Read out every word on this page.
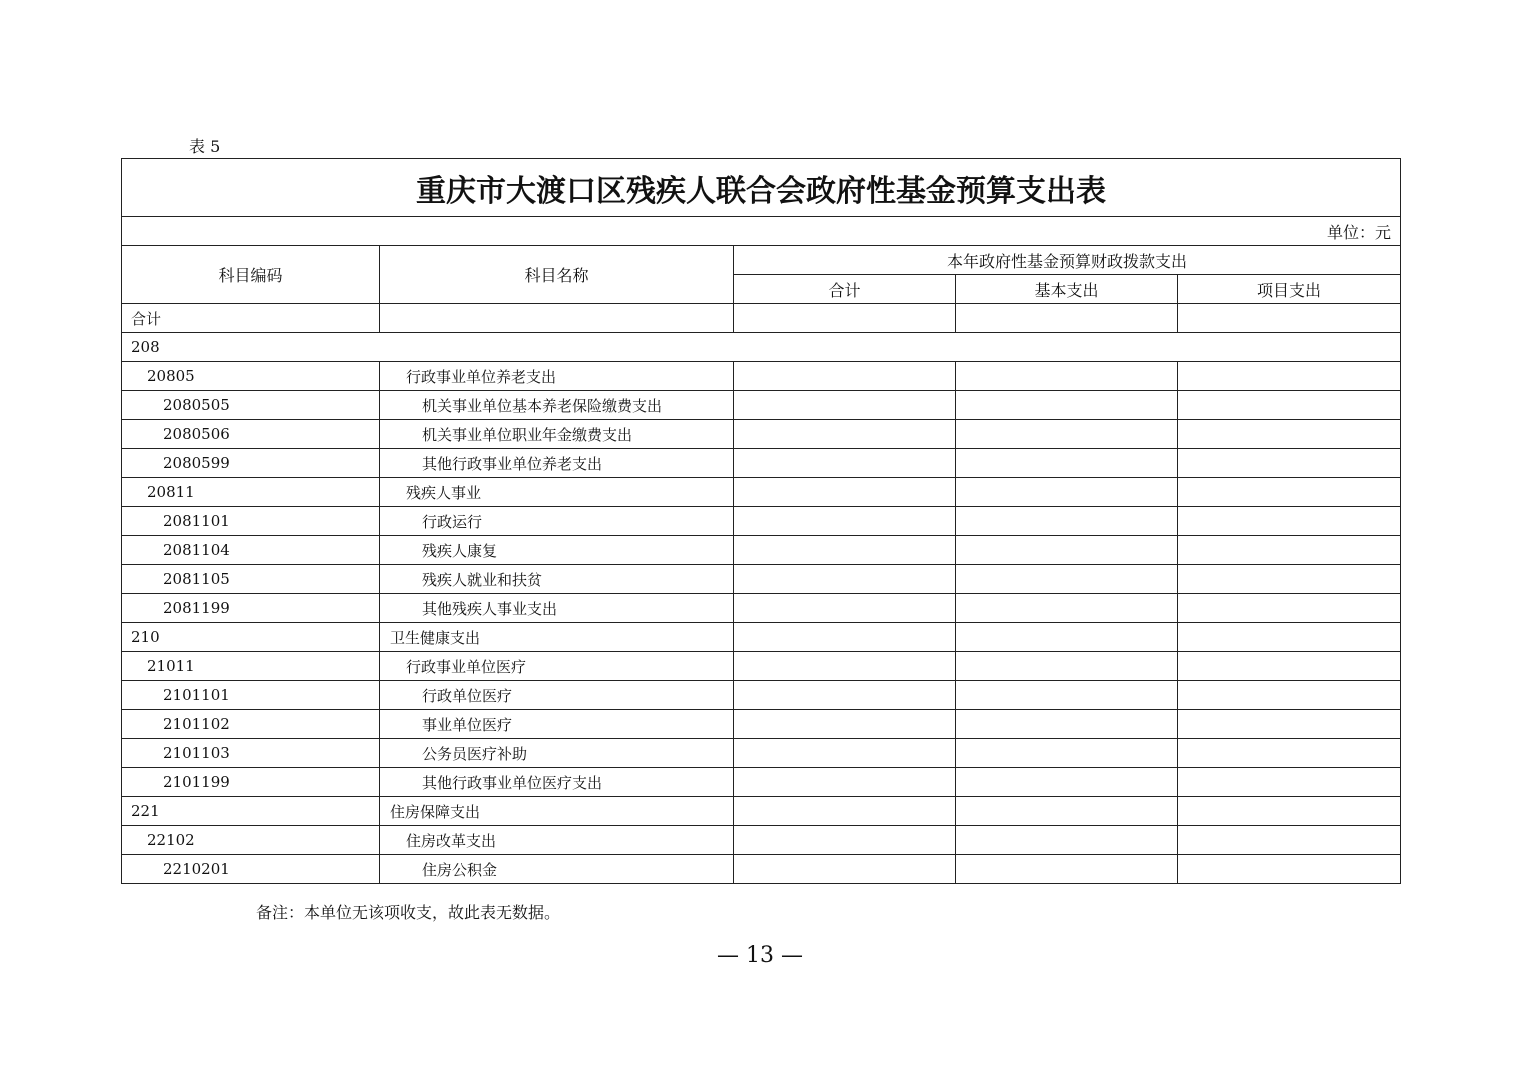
表 5
重庆市大渡口区残疾人联合会政府性基金预算支出表				
单位：元				
科目编码	科目名称	本年政府性基金预算财政拨款支出		
		合计	基本支出	项目支出
合计				
208				
20805	行政事业单位养老支出			
2080505	机关事业单位基本养老保险缴费支出			
2080506	机关事业单位职业年金缴费支出			
2080599	其他行政事业单位养老支出			
20811	残疾人事业			
2081101	行政运行			
2081104	残疾人康复			
2081105	残疾人就业和扶贫			
2081199	其他残疾人事业支出			
210	卫生健康支出			
21011	行政事业单位医疗			
2101101	行政单位医疗			
2101102	事业单位医疗			
2101103	公务员医疗补助			
2101199	其他行政事业单位医疗支出			
221	住房保障支出			
22102	住房改革支出			
2210201	住房公积金			
备注：本单位无该项收支，故此表无数据。
— 13 —
